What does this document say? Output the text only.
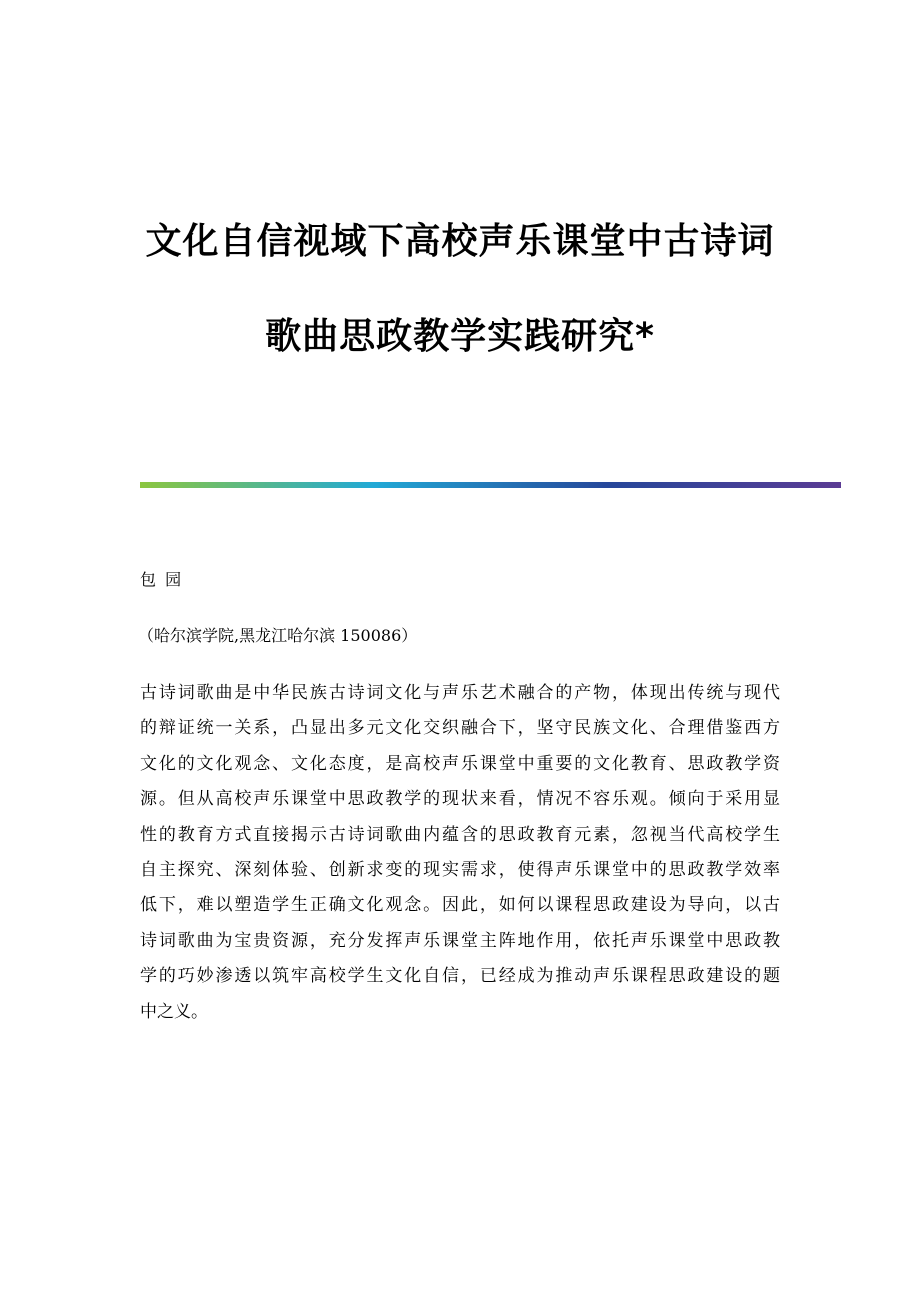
文化自信视域下高校声乐课堂中古诗词
歌曲思政教学实践研究*
包 园
（哈尔滨学院,黑龙江哈尔滨 150086）
古诗词歌曲是中华民族古诗词文化与声乐艺术融合的产物，体现出传统与现代
的辩证统一关系，凸显出多元文化交织融合下，坚守民族文化、合理借鉴西方
文化的文化观念、文化态度，是高校声乐课堂中重要的文化教育、思政教学资
源。但从高校声乐课堂中思政教学的现状来看，情况不容乐观。倾向于采用显
性的教育方式直接揭示古诗词歌曲内蕴含的思政教育元素，忽视当代高校学生
自主探究、深刻体验、创新求变的现实需求，使得声乐课堂中的思政教学效率
低下，难以塑造学生正确文化观念。因此，如何以课程思政建设为导向，以古
诗词歌曲为宝贵资源，充分发挥声乐课堂主阵地作用，依托声乐课堂中思政教
学的巧妙渗透以筑牢高校学生文化自信，已经成为推动声乐课程思政建设的题
中之义。
